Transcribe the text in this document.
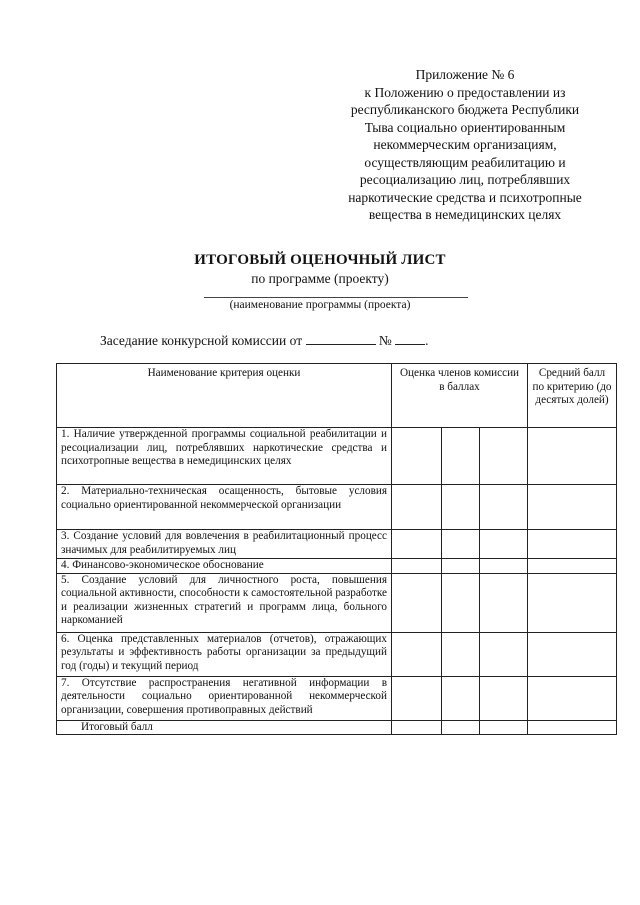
Приложение № 6
к Положению о предоставлении из
республиканского бюджета Республики
Тыва социально ориентированным
некоммерческим организациям,
осуществляющим реабилитацию и
ресоциализацию лиц, потреблявших
наркотические средства и психотропные
вещества в немедицинских целях
ИТОГОВЫЙ ОЦЕНОЧНЫЙ ЛИСТ
по программе (проекту)
(наименование программы (проекта)
Заседание конкурсной комиссии от	№ .
Наименование критерия оценки	Оценка членов комиссии в баллах			Средний балл по критерию (до десятых долей)
1. Наличие утвержденной программы социальной реабилитации и ресоциализации лиц, потреблявших наркотические средства и психотропные вещества в немедицинских целях				
2. Материально-техническая осащенность, бытовые условия социально ориентированной некоммерческой организации				
3. Создание условий для вовлечения в реабилитационный процесс значимых для реабилитируемых лиц				
4. Финансово-экономическое обоснование				
5. Создание условий для личностного роста, повышения социальной активности, способности к самостоятельной разработке и реализации жизненных стратегий и программ лица, больного наркоманией				
6. Оценка представленных материалов (отчетов), отражающих результаты и эффективность работы организации за предыдущий год (годы) и текущий период				
7. Отсутствие распространения негативной информации в деятельности социально ориентированной некоммерческой организации, совершения противоправных действий				
Итоговый балл				
